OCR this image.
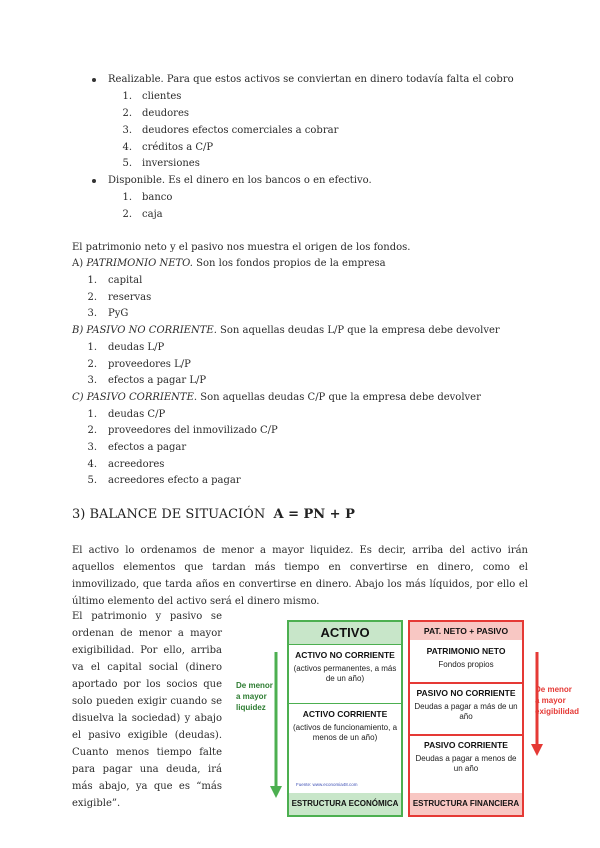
Realizable. Para que estos activos se conviertan en dinero todavía falta el cobro
1. clientes
2. deudores
3. deudores efectos comerciales a cobrar
4. créditos a C/P
5. inversiones
Disponible. Es el dinero en los bancos o en efectivo.
1. banco
2. caja
El patrimonio neto y el pasivo nos muestra el origen de los fondos.
A) PATRIMONIO NETO. Son los fondos propios de la empresa
1. capital
2. reservas
3. PyG
B) PASIVO NO CORRIENTE. Son aquellas deudas L/P que la empresa debe devolver
1. deudas L/P
2. proveedores L/P
3. efectos a pagar L/P
C) PASIVO CORRIENTE. Son aquellas deudas C/P que la empresa debe devolver
1. deudas C/P
2. proveedores del inmovilizado C/P
3. efectos a pagar
4. acreedores
5. acreedores efecto a pagar
3) BALANCE DE SITUACIÓN A = PN + P
El activo lo ordenamos de menor a mayor liquidez. Es decir, arriba del activo irán aquellos elementos que tardan más tiempo en convertirse en dinero, como el inmovilizado, que tarda años en convertirse en dinero. Abajo los más líquidos, por ello el último elemento del activo será el dinero mismo.
El patrimonio y pasivo se ordenan de menor a mayor exigibilidad. Por ello, arriba va el capital social (dinero aportado por los socios que solo pueden exigir cuando se disuelva la sociedad) y abajo el pasivo exigible (deudas). Cuanto menos tiempo falte para pagar una deuda, irá más abajo, ya que es “más exigible”.
ACTIVO
ACTIVO NO CORRIENTE
(activos permanentes, a más de un año)
ACTIVO CORRIENTE
(activos de funcionamiento, a menos de un año)
Fuente: www.economia48.com
ESTRUCTURA ECONÓMICA
PAT. NETO + PASIVO
PATRIMONIO NETO
Fondos propios
PASIVO NO CORRIENTE
Deudas a pagar a más de un año
PASIVO CORRIENTE
Deudas a pagar a menos de un año
ESTRUCTURA FINANCIERA
De menor
a mayor
liquidez
De menor
a mayor
exigibilidad
